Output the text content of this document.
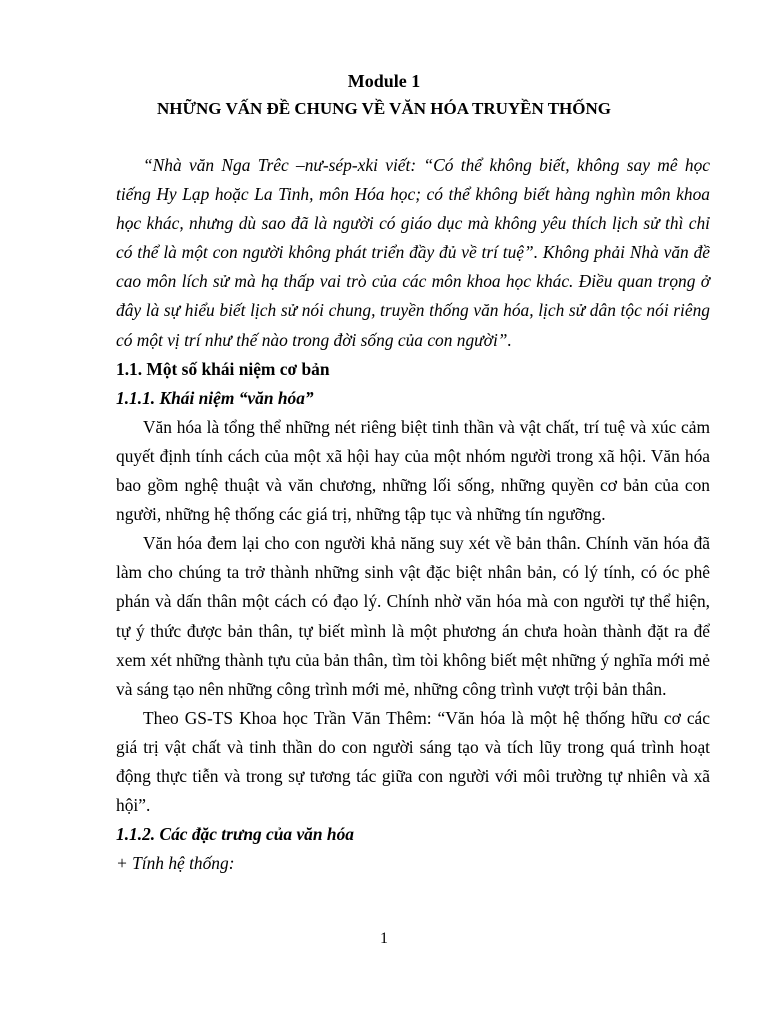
Module 1
NHỮNG VẤN ĐỀ CHUNG VỀ VĂN HÓA TRUYỀN THỐNG

“Nhà văn Nga Trêc –nư-sép-xki viết: “Có thể không biết, không say mê học tiếng Hy Lạp hoặc La Tinh, môn Hóa học; có thể không biết hàng nghìn môn khoa học khác, nhưng dù sao đã là người có giáo dục mà không yêu thích lịch sử thì chỉ có thể là một con người không phát triển đầy đủ về trí tuệ”. Không phải Nhà văn đề cao môn lích sử mà hạ thấp vai trò của các môn khoa học khác. Điều quan trọng ở đây là sự hiểu biết lịch sử nói chung, truyền thống văn hóa, lịch sử dân tộc nói riêng có một vị trí như thế nào trong đời sống của con người”.

1.1. Một số khái niệm cơ bản

1.1.1. Khái niệm “văn hóa”

Văn hóa là tổng thể những nét riêng biệt tinh thần và vật chất, trí tuệ và xúc cảm quyết định tính cách của một xã hội hay của một nhóm người trong xã hội. Văn hóa bao gồm nghệ thuật và văn chương, những lối sống, những quyền cơ bản của con người, những hệ thống các giá trị, những tập tục và những tín ngưỡng.

Văn hóa đem lại cho con người khả năng suy xét về bản thân. Chính văn hóa đã làm cho chúng ta trở thành những sinh vật đặc biệt nhân bản, có lý tính, có óc phê phán và dấn thân một cách có đạo lý. Chính nhờ văn hóa mà con người tự thể hiện, tự ý thức được bản thân, tự biết mình là một phương án chưa hoàn thành đặt ra để xem xét những thành tựu của bản thân, tìm tòi không biết mệt những ý nghĩa mới mẻ và sáng tạo nên những công trình mới mẻ, những công trình vượt trội bản thân.

Theo GS-TS Khoa học Trần Văn Thêm: “Văn hóa là một hệ thống hữu cơ các giá trị vật chất và tinh thần do con người sáng tạo và tích lũy trong quá trình hoạt động thực tiễn và trong sự tương tác giữa con người với môi trường tự nhiên và xã hội”.

1.1.2. Các đặc trưng của văn hóa

+ Tính hệ thống:

1
